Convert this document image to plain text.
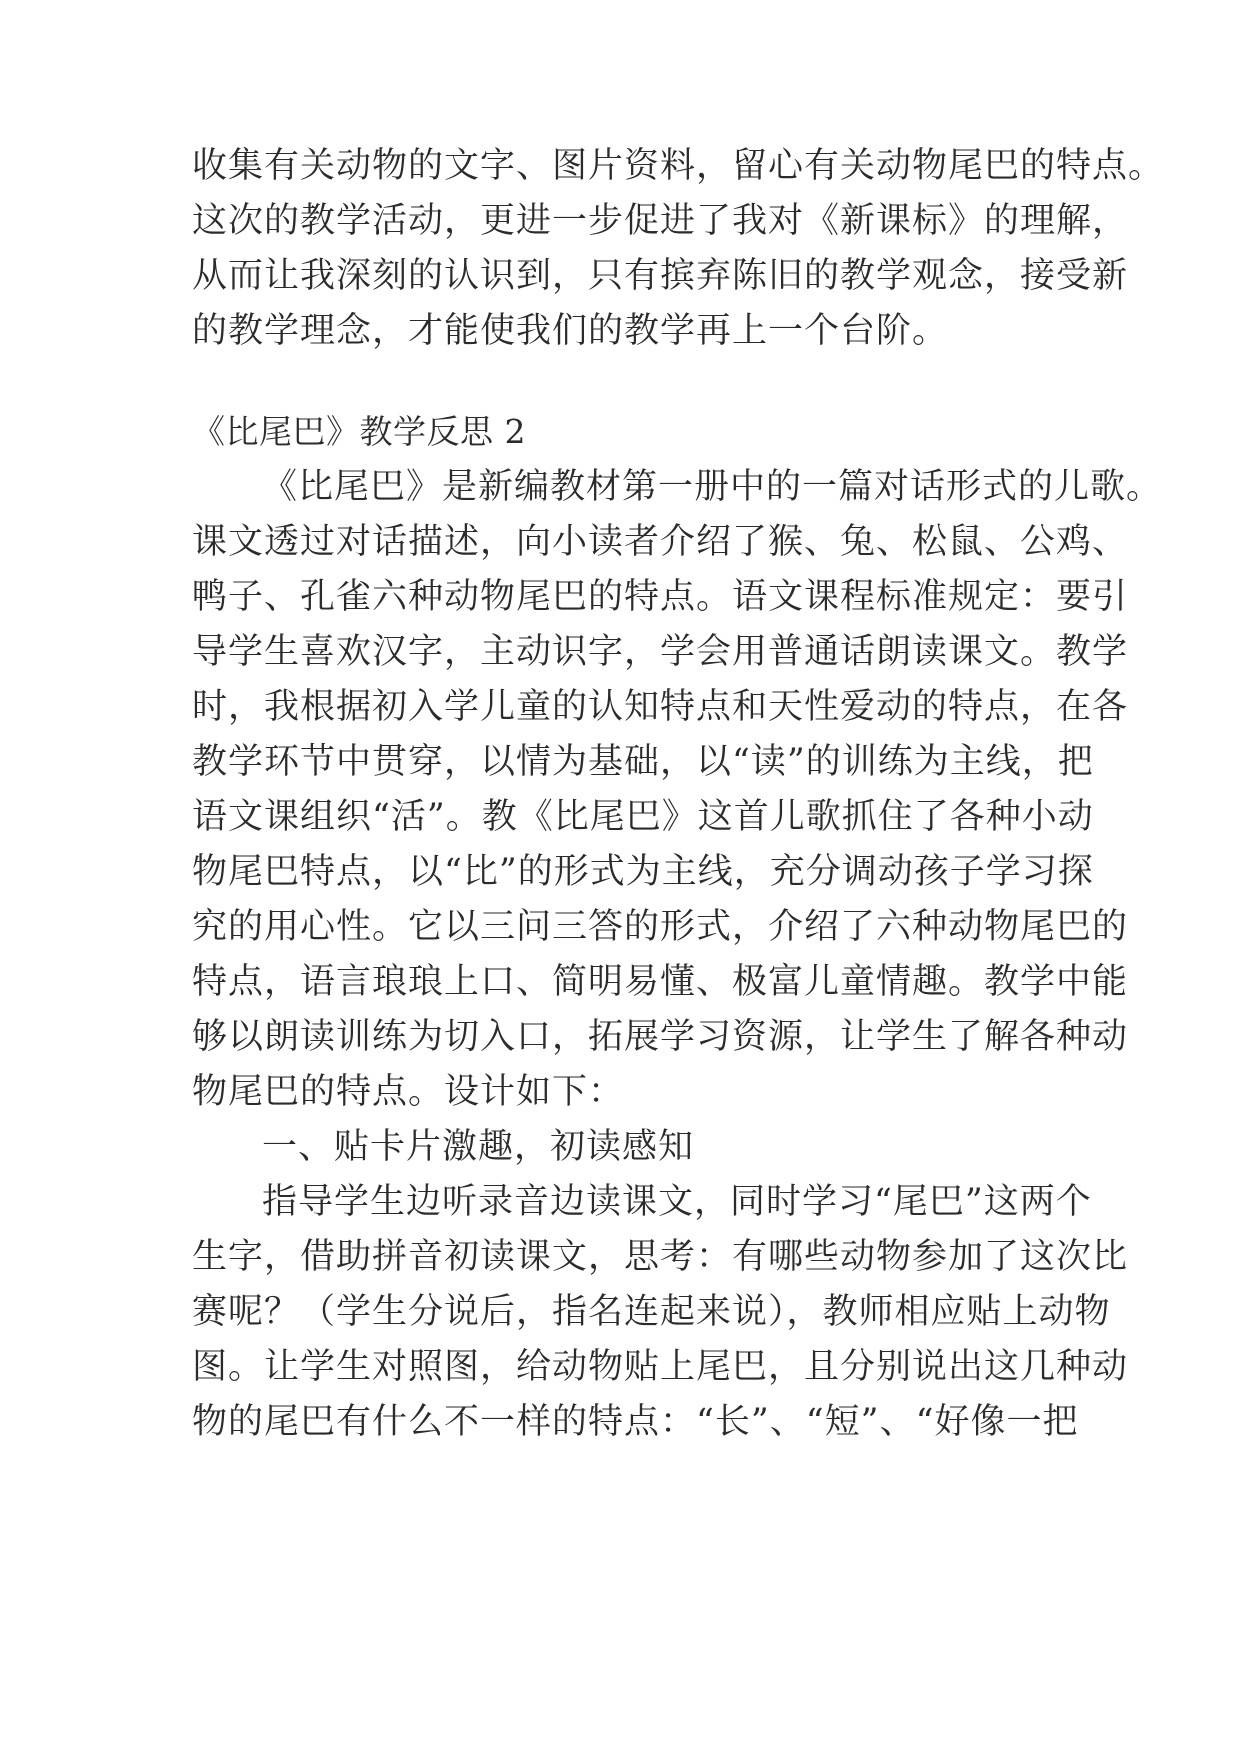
收集有关动物的文字、图片资料，留心有关动物尾巴的特点。
这次的教学活动，更进一步促进了我对《新课标》的理解，
从而让我深刻的认识到，只有摈弃陈旧的教学观念，接受新
的教学理念，才能使我们的教学再上一个台阶。
《比尾巴》教学反思 2
《比尾巴》是新编教材第一册中的一篇对话形式的儿歌。
课文透过对话描述，向小读者介绍了猴、兔、松鼠、公鸡、
鸭子、孔雀六种动物尾巴的特点。语文课程标准规定：要引
导学生喜欢汉字，主动识字，学会用普通话朗读课文。教学
时，我根据初入学儿童的认知特点和天性爱动的特点，在各
教学环节中贯穿，以情为基础，以“读”的训练为主线，把
语文课组织“活”。教《比尾巴》这首儿歌抓住了各种小动
物尾巴特点，以“比”的形式为主线，充分调动孩子学习探
究的用心性。它以三问三答的形式，介绍了六种动物尾巴的
特点，语言琅琅上口、简明易懂、极富儿童情趣。教学中能
够以朗读训练为切入口，拓展学习资源，让学生了解各种动
物尾巴的特点。设计如下：
一、贴卡片激趣，初读感知
指导学生边听录音边读课文，同时学习“尾巴”这两个
生字，借助拼音初读课文，思考：有哪些动物参加了这次比
赛呢？（学生分说后，指名连起来说），教师相应贴上动物
图。让学生对照图，给动物贴上尾巴，且分别说出这几种动
物的尾巴有什么不一样的特点：“长”、“短”、“好像一把
